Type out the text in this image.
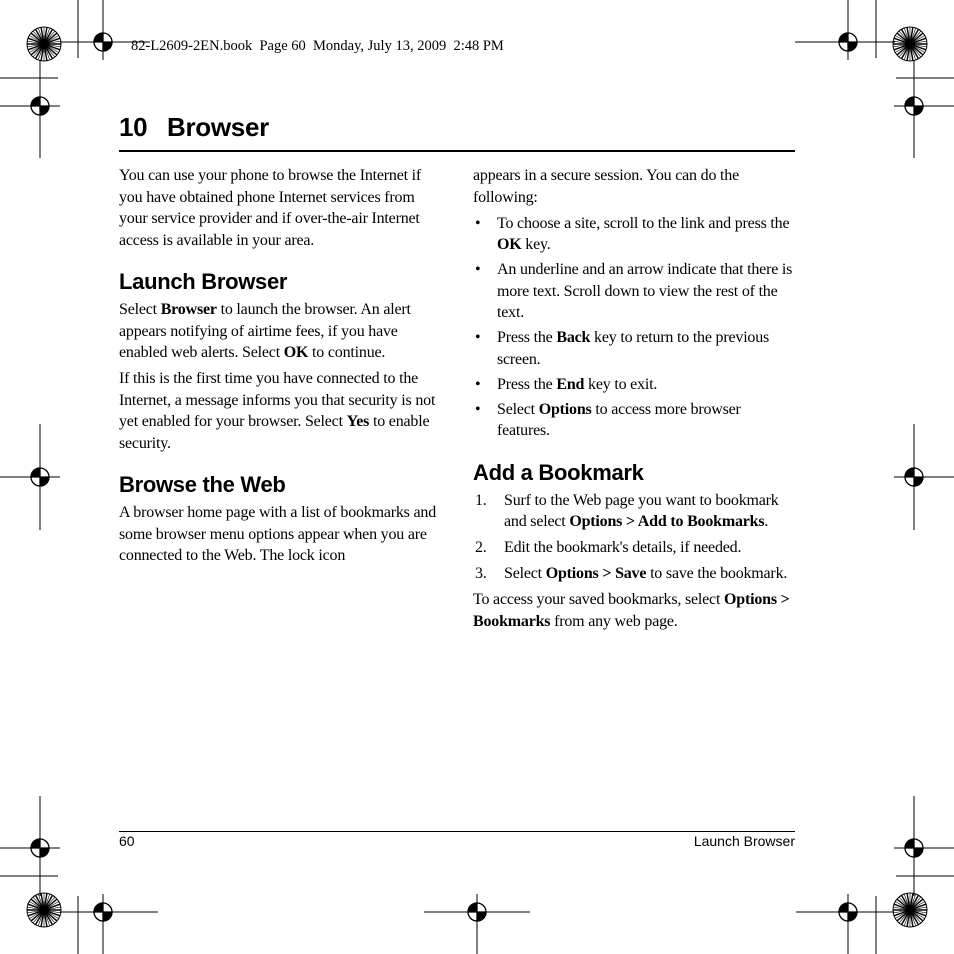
82-L2609-2EN.book  Page 60  Monday, July 13, 2009  2:48 PM
10 Browser

You can use your phone to browse the Internet if you have obtained phone Internet services from your service provider and if over-the-air Internet access is available in your area.

Launch Browser

Select Browser to launch the browser. An alert appears notifying of airtime fees, if you have enabled web alerts. Select OK to continue.

If this is the first time you have connected to the Internet, a message informs you that security is not yet enabled for your browser. Select Yes to enable security.

Browse the Web

A browser home page with a list of bookmarks and some browser menu options appear when you are connected to the Web. The lock icon

appears in a secure session. You can do the following:

• To choose a site, scroll to the link and press the OK key.
• An underline and an arrow indicate that there is more text. Scroll down to view the rest of the text.
• Press the Back key to return to the previous screen.
• Press the End key to exit.
• Select Options to access more browser features.
Add a Bookmark
1. Surf to the Web page you want to bookmark and select Options > Add to Bookmarks.
2. Edit the bookmark's details, if needed.
3. Select Options > Save to save the bookmark.

To access your saved bookmarks, select Options > Bookmarks from any web page.

60	Launch Browser
